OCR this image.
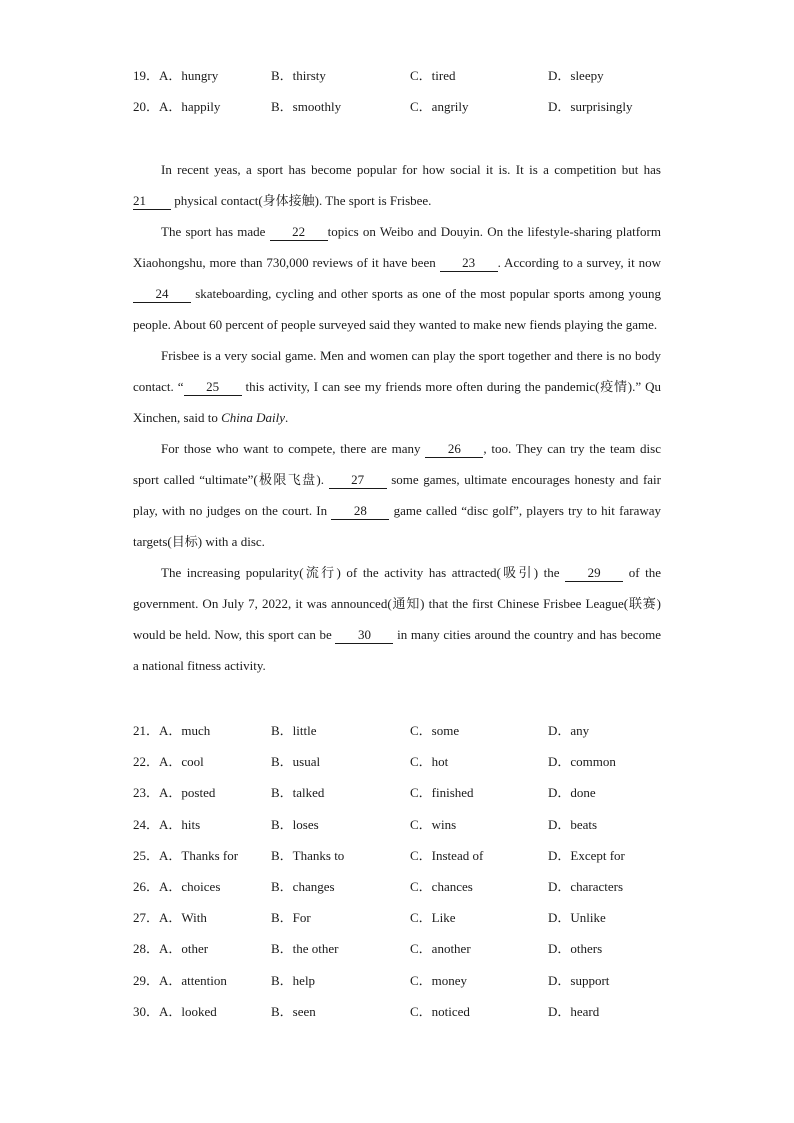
19．A．hungry	B．thirsty	C．tired	D．sleepy
20．A．happily	B．smoothly	C．angrily	D．surprisingly

In recent yeas, a sport has become popular for how social it is. It is a competition but has 21 physical contact(身体接触). The sport is Frisbee.

The sport has made 22 topics on Weibo and Douyin. On the lifestyle-sharing platform Xiaohongshu, more than 730,000 reviews of it have been 23 . According to a survey, it now 24 skateboarding, cycling and other sports as one of the most popular sports among young people. About 60 percent of people surveyed said they wanted to make new fiends playing the game.

Frisbee is a very social game. Men and women can play the sport together and there is no body contact. “ 25 this activity, I can see my friends more often during the pandemic(疫情).” Qu Xinchen, said to China Daily.

For those who want to compete, there are many 26 , too. They can try the team disc sport called “ultimate”(极限飞盘). 27 some games, ultimate encourages honesty and fair play, with no judges on the court. In 28 game called “disc golf”, players try to hit faraway targets(目标) with a disc.

The increasing popularity(流行) of the activity has attracted(吸引) the 29 of the government. On July 7, 2022, it was announced(通知) that the first Chinese Frisbee League(联赛) would be held. Now, this sport can be 30 in many cities around the country and has become a national fitness activity.

21．A．much	B．little	C．some	D．any
22．A．cool	B．usual	C．hot	D．common
23．A．posted	B．talked	C．finished	D．done
24．A．hits	B．loses	C．wins	D．beats
25．A．Thanks for	B．Thanks to	C．Instead of	D．Except for
26．A．choices	B．changes	C．chances	D．characters
27．A．With	B．For	C．Like	D．Unlike
28．A．other	B．the other	C．another	D．others
29．A．attention	B．help	C．money	D．support
30．A．looked	B．seen	C．noticed	D．heard
